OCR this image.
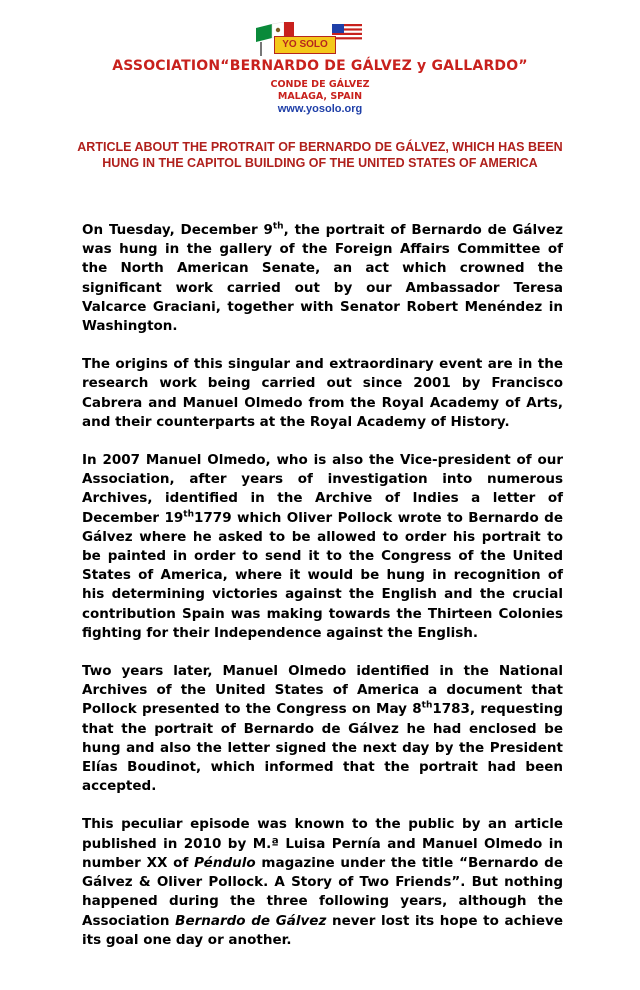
YO SOLO
ASSOCIATION“BERNARDO DE GÁLVEZ y GALLARDO”

CONDE DE GÁLVEZ

MALAGA, SPAIN

www.yosolo.org

ARTICLE ABOUT THE PROTRAIT OF BERNARDO DE GÁLVEZ, WHICH HAS BEEN HUNG IN THE CAPITOL BUILDING OF THE UNITED STATES OF AMERICA

On Tuesday, December 9th, the portrait of Bernardo de Gálvez was hung in the gallery of the Foreign Affairs Committee of the North American Senate, an act which crowned the significant work carried out by our Ambassador Teresa Valcarce Graciani, together with Senator Robert Menéndez in Washington.

The origins of this singular and extraordinary event are in the research work being carried out since 2001 by Francisco Cabrera and Manuel Olmedo from the Royal Academy of Arts, and their counterparts at the Royal Academy of History.

In 2007 Manuel Olmedo, who is also the Vice-president of our Association, after years of investigation into numerous Archives, identified in the Archive of Indies a letter of December 19th1779 which Oliver Pollock wrote to Bernardo de Gálvez where he asked to be allowed to order his portrait to be painted in order to send it to the Congress of the United States of America, where it would be hung in recognition of his determining victories against the English and the crucial contribution Spain was making towards the Thirteen Colonies fighting for their Independence against the English.

Two years later, Manuel Olmedo identified in the National Archives of the United States of America a document that Pollock presented to the Congress on May 8th1783, requesting that the portrait of Bernardo de Gálvez he had enclosed be hung and also the letter signed the next day by the President Elías Boudinot, which informed that the portrait had been accepted.

This peculiar episode was known to the public by an article published in 2010 by M.ª Luisa Pernía and Manuel Olmedo in number XX of Péndulo magazine under the title “Bernardo de Gálvez & Oliver Pollock. A Story of Two Friends”. But nothing happened during the three following years, although the Association Bernardo de Gálvez never lost its hope to achieve its goal one day or another.
